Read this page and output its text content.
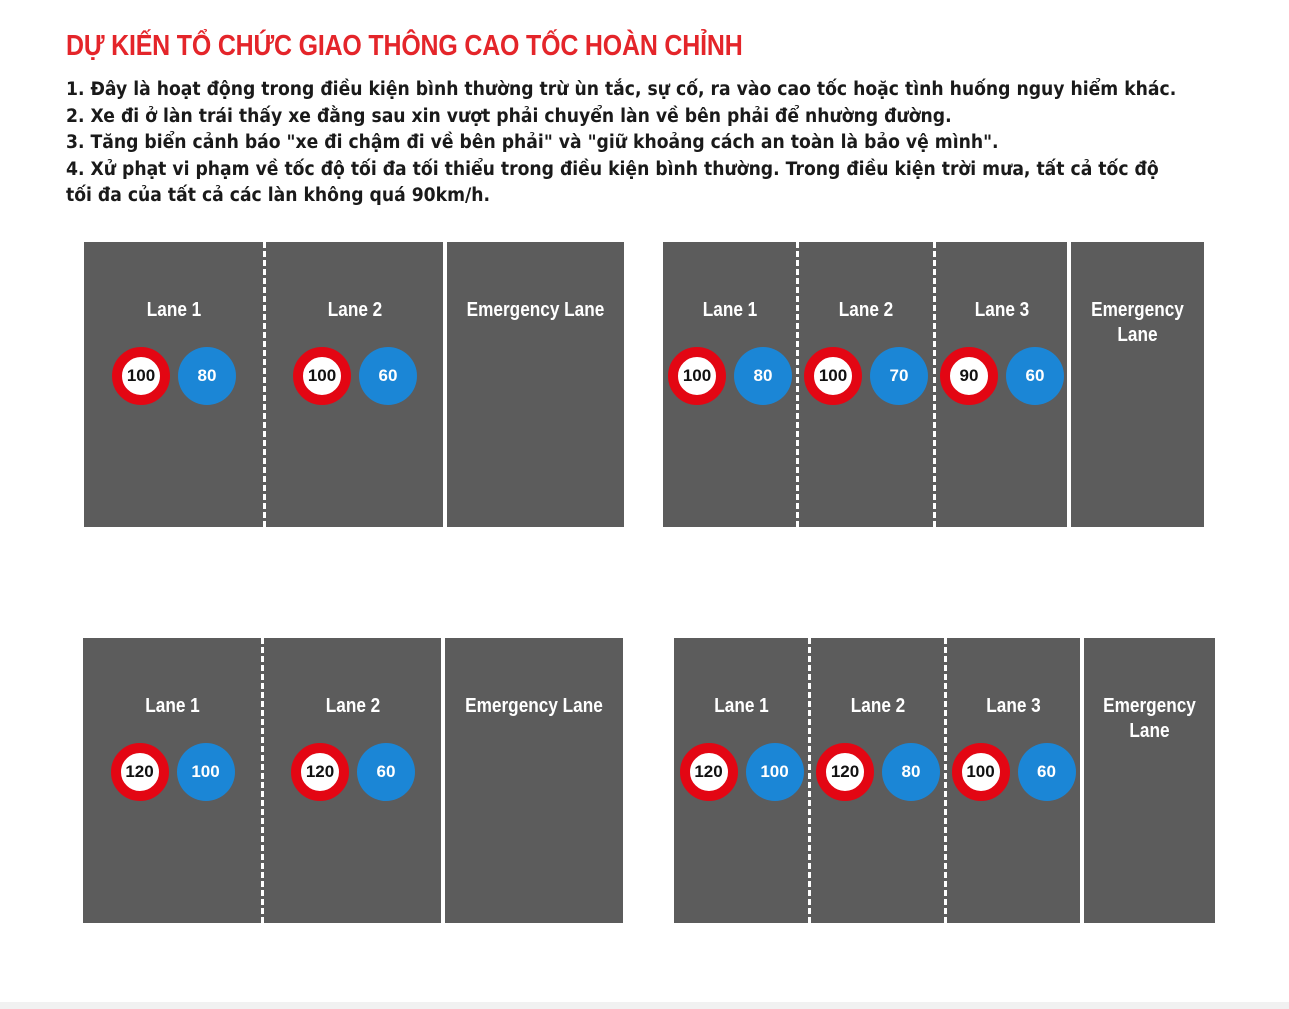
DỰ KIẾN TỔ CHỨC GIAO THÔNG CAO TỐC HOÀN CHỈNH
1. Đây là hoạt động trong điều kiện bình thường trừ ùn tắc, sự cố, ra vào cao tốc hoặc tình huống nguy hiểm khác.
2. Xe đi ở làn trái thấy xe đằng sau xin vượt phải chuyển làn về bên phải để nhường đường.
3. Tăng biển cảnh báo "xe đi chậm đi về bên phải" và "giữ khoảng cách an toàn là bảo vệ mình".
4. Xử phạt vi phạm về tốc độ tối đa tối thiểu trong điều kiện bình thường. Trong điều kiện trời mưa, tất cả tốc độ
tối đa của tất cả các làn không quá 90km/h.
Lane 1
100	80
Lane 2
100	60
Emergency Lane	Lane 1
100	80
Lane 2
100	70
Lane 3
90	60
Emergency
Lane
Lane 1
120	100
Lane 2
120	60
Emergency Lane	Lane 1
120	100
Lane 2
120	80
Lane 3
100	60
Emergency
Lane
